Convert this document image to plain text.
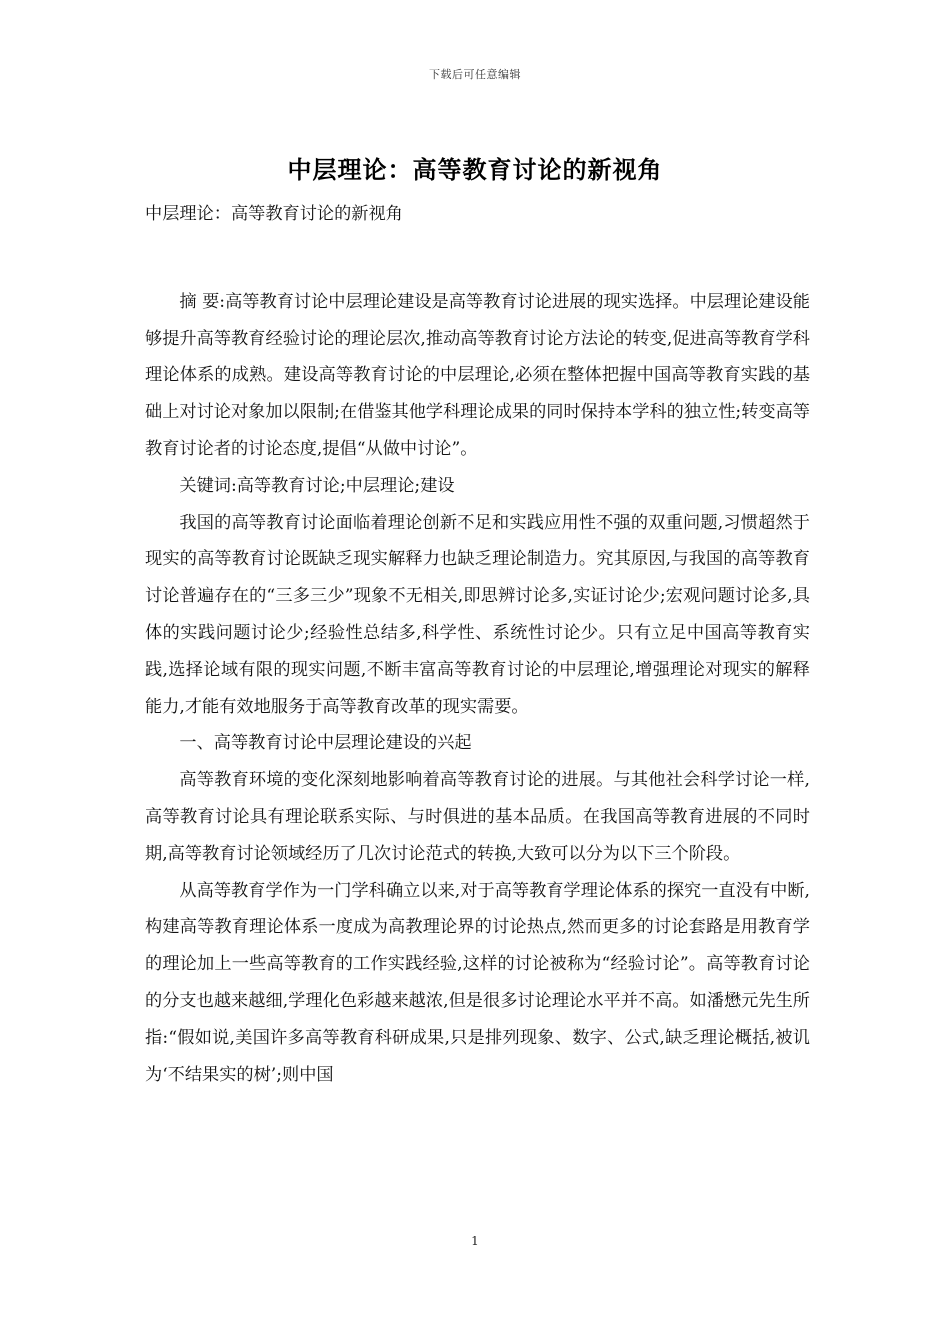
下载后可任意编辑
中层理论：高等教育讨论的新视角

中层理论：高等教育讨论的新视角

摘 要:高等教育讨论中层理论建设是高等教育讨论进展的现实选择。中层理论建设能够提升高等教育经验讨论的理论层次,推动高等教育讨论方法论的转变,促进高等教育学科理论体系的成熟。建设高等教育讨论的中层理论,必须在整体把握中国高等教育实践的基础上对讨论对象加以限制;在借鉴其他学科理论成果的同时保持本学科的独立性;转变高等教育讨论者的讨论态度,提倡“从做中讨论”。

关键词:高等教育讨论;中层理论;建设

我国的高等教育讨论面临着理论创新不足和实践应用性不强的双重问题,习惯超然于现实的高等教育讨论既缺乏现实解释力也缺乏理论制造力。究其原因,与我国的高等教育讨论普遍存在的“三多三少”现象不无相关,即思辨讨论多,实证讨论少;宏观问题讨论多,具体的实践问题讨论少;经验性总结多,科学性、系统性讨论少。只有立足中国高等教育实践,选择论域有限的现实问题,不断丰富高等教育讨论的中层理论,增强理论对现实的解释能力,才能有效地服务于高等教育改革的现实需要。

一、高等教育讨论中层理论建设的兴起

高等教育环境的变化深刻地影响着高等教育讨论的进展。与其他社会科学讨论一样,高等教育讨论具有理论联系实际、与时俱进的基本品质。在我国高等教育进展的不同时期,高等教育讨论领域经历了几次讨论范式的转换,大致可以分为以下三个阶段。

从高等教育学作为一门学科确立以来,对于高等教育学理论体系的探究一直没有中断,构建高等教育理论体系一度成为高教理论界的讨论热点,然而更多的讨论套路是用教育学的理论加上一些高等教育的工作实践经验,这样的讨论被称为“经验讨论”。高等教育讨论的分支也越来越细,学理化色彩越来越浓,但是很多讨论理论水平并不高。如潘懋元先生所指:“假如说,美国许多高等教育科研成果,只是排列现象、数字、公式,缺乏理论概括,被讥为‘不结果实的树’;则中国

1
